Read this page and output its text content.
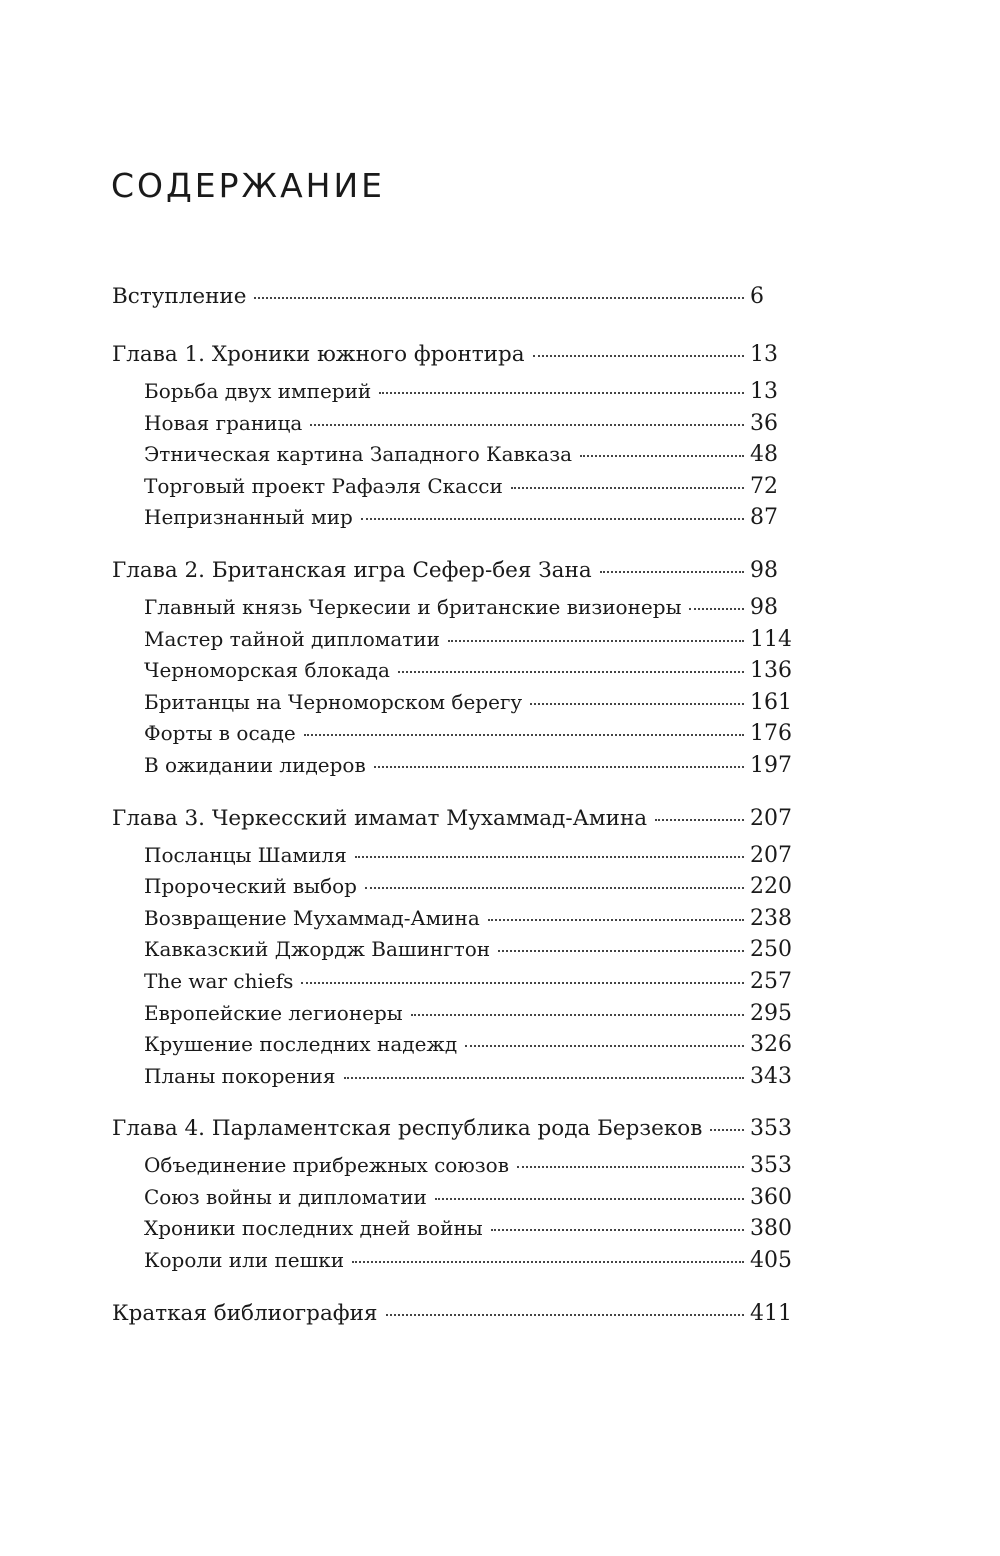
СОДЕРЖАНИЕ
Вступление	6
Глава 1. Хроники южного фронтира	13
Борьба двух империй	13
Новая граница	36
Этническая картина Западного Кавказа	48
Торговый проект Рафаэля Скасси	72
Непризнанный мир	87
Глава 2. Британская игра Сефер-бея Зана	98
Главный князь Черкесии и британские визионеры	98
Мастер тайной дипломатии	114
Черноморская блокада	136
Британцы на Черноморском берегу	161
Форты в осаде	176
В ожидании лидеров	197
Глава 3. Черкесский имамат Мухаммад-Амина	207
Посланцы Шамиля	207
Пророческий выбор	220
Возвращение Мухаммад-Амина	238
Кавказский Джордж Вашингтон	250
The war chiefs	257
Европейские легионеры	295
Крушение последних надежд	326
Планы покорения	343
Глава 4. Парламентская республика рода Берзеков 353
Объединение прибрежных союзов	353
Союз войны и дипломатии	360
Хроники последних дней войны	380
Короли или пешки	405
Краткая библиография	411
